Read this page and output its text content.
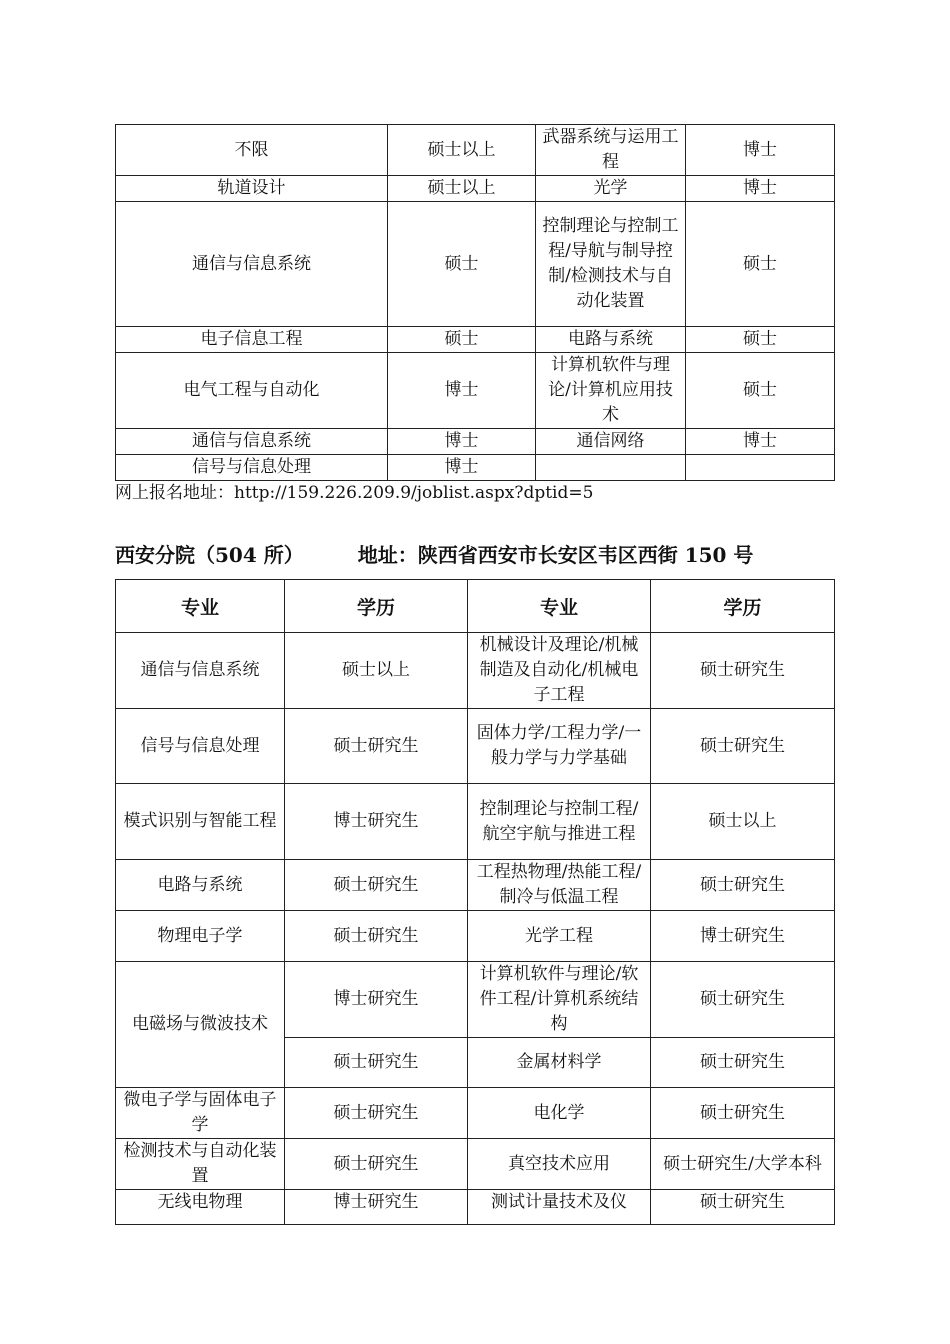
不限	硕士以上	武器系统与运用工程	博士
轨道设计	硕士以上	光学	博士
通信与信息系统	硕士	控制理论与控制工程/导航与制导控制/检测技术与自动化装置	硕士
电子信息工程	硕士	电路与系统	硕士
电气工程与自动化	博士	计算机软件与理论/计算机应用技术	硕士
通信与信息系统	博士	通信网络	博士
信号与信息处理	博士		
网上报名地址：http://159.226.209.9/joblist.aspx?dptid=5
西安分院（504 所）	地址：陕西省西安市长安区韦区西街 150 号
专业	学历	专业	学历
通信与信息系统	硕士以上	机械设计及理论/机械制造及自动化/机械电子工程	硕士研究生
信号与信息处理	硕士研究生	固体力学/工程力学/一般力学与力学基础	硕士研究生
模式识别与智能工程	博士研究生	控制理论与控制工程/航空宇航与推进工程	硕士以上
电路与系统	硕士研究生	工程热物理/热能工程/制冷与低温工程	硕士研究生
物理电子学	硕士研究生	光学工程	博士研究生
电磁场与微波技术	博士研究生	计算机软件与理论/软件工程/计算机系统结构	硕士研究生
	硕士研究生	金属材料学	硕士研究生
微电子学与固体电子学	硕士研究生	电化学	硕士研究生
检测技术与自动化装置	硕士研究生	真空技术应用	硕士研究生/大学本科
无线电物理	博士研究生	测试计量技术及仪	硕士研究生
